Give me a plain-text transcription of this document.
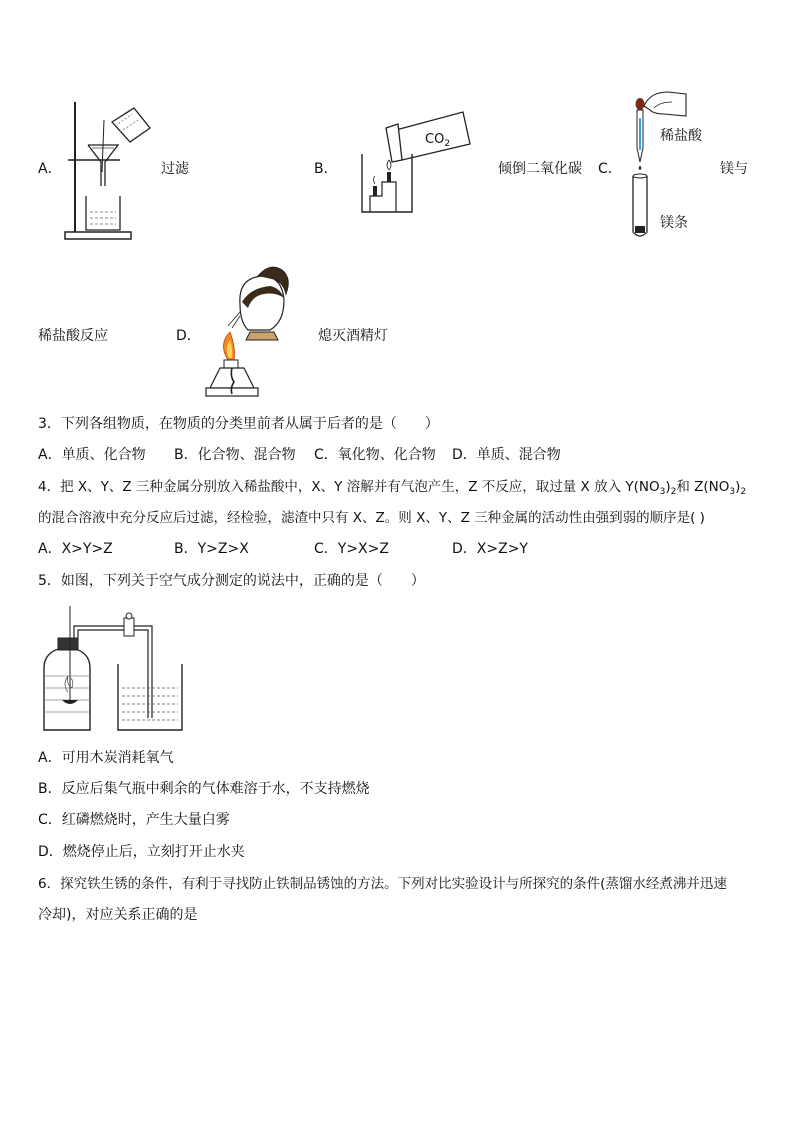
A．	过滤	B．
$CO_2$
倾倒二氧化碳 C．
稀盐酸
镁条
镁与
稀盐酸反应	D．	熄灭酒精灯
3．下列各组物质，在物质的分类里前者从属于后者的是（　　）
A．单质、化合物 B．化合物、混合物 C．氧化物、化合物 D．单质、混合物
4．把 X、Y、Z 三种金属分别放入稀盐酸中，X、Y 溶解并有气泡产生，Z 不反应，取过量 X 放入 $Y(NO_3)_2$和 $Z(NO_3)_2$
的混合溶液中充分反应后过滤，经检验，滤渣中只有 X、Z。则 X、Y、Z 三种金属的活动性由强到弱的顺序是( )
A．X>Y>Z	B．Y>Z>X	C．Y>X>Z	D．X>Z>Y
5．如图，下列关于空气成分测定的说法中，正确的是（　　）
A．可用木炭消耗氧气
B．反应后集气瓶中剩余的气体难溶于水，不支持燃烧
C．红磷燃烧时，产生大量白雾
D．燃烧停止后，立刻打开止水夹
6．探究铁生锈的条件，有利于寻找防止铁制品锈蚀的方法。下列对比实验设计与所探究的条件(蒸馏水经煮沸并迅速
冷却)，对应关系正确的是
